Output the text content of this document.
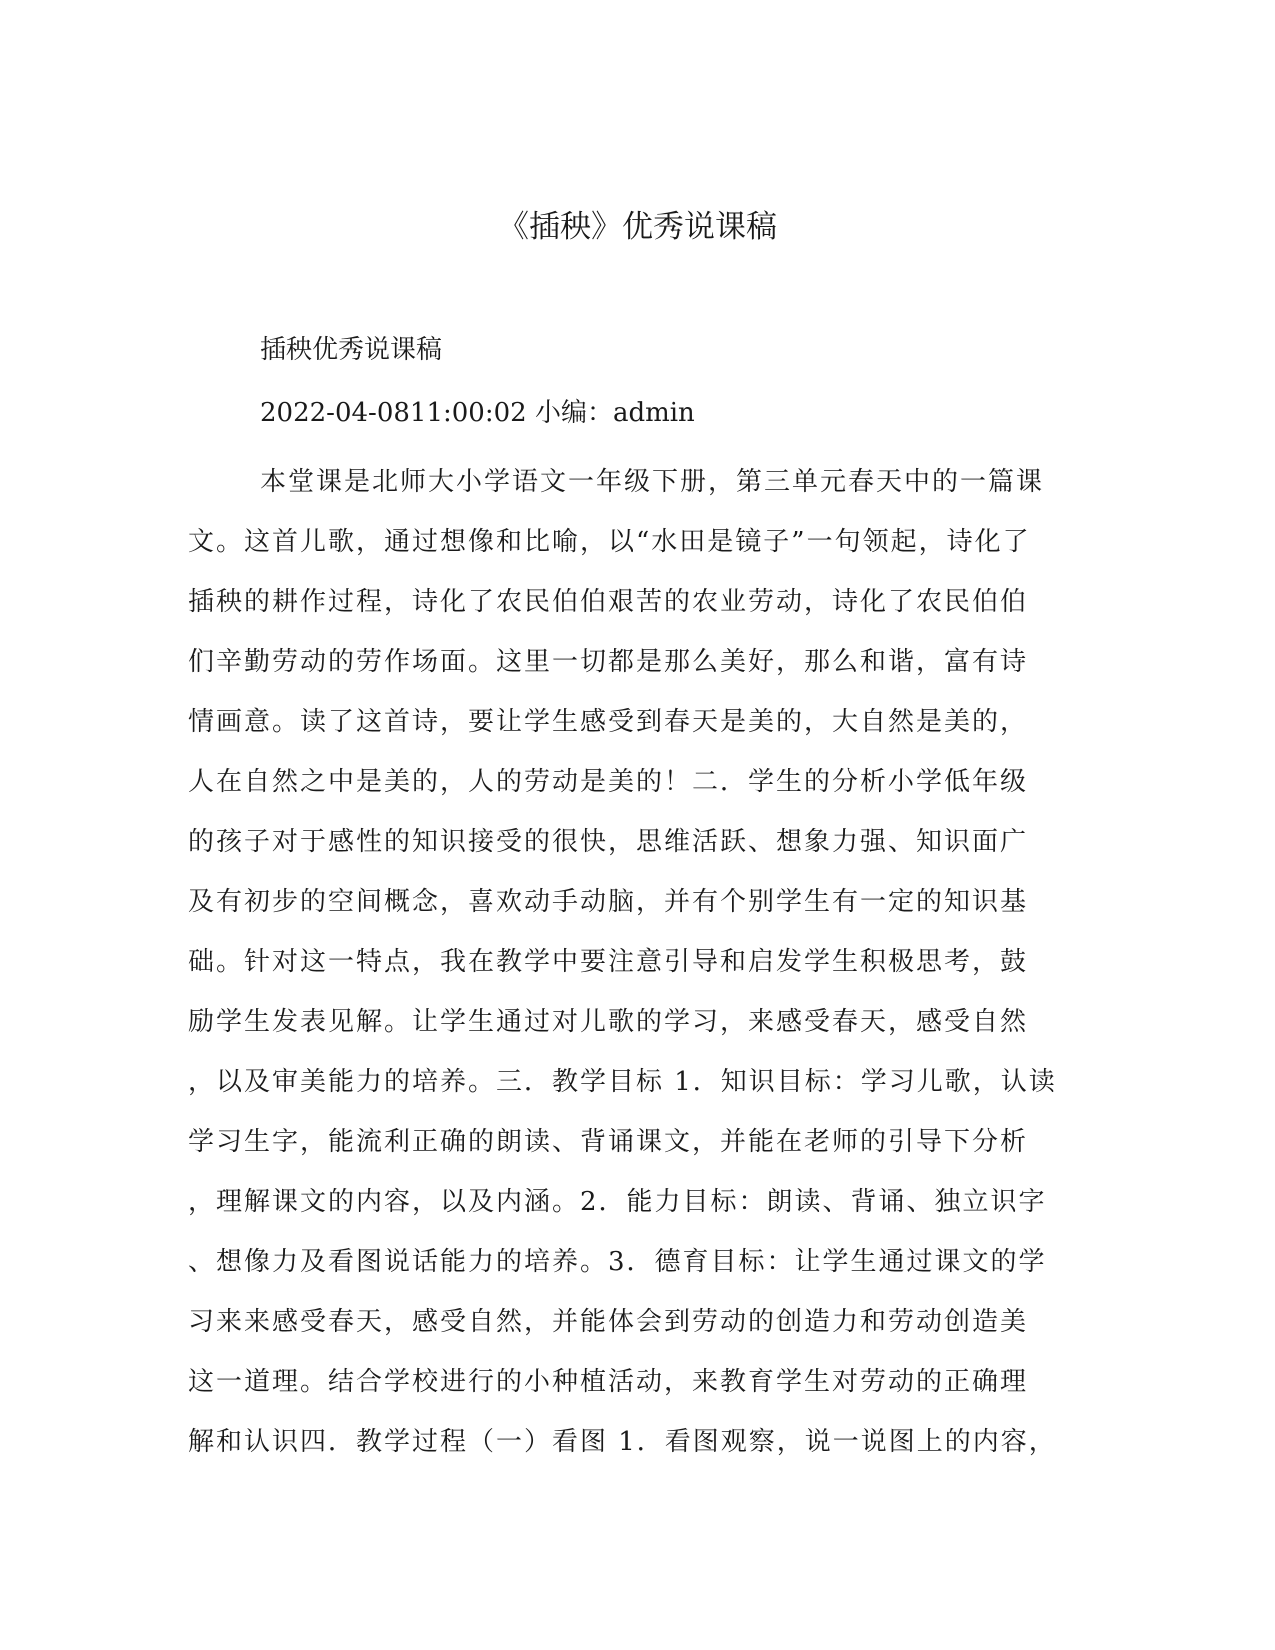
《插秧》优秀说课稿

插秧优秀说课稿

2022-04-0811:00:02 小编：admin

本堂课是北师大小学语文一年级下册，第三单元春天中的一篇课
文。这首儿歌，通过想像和比喻，以“水田是镜子”一句领起，诗化了
插秧的耕作过程，诗化了农民伯伯艰苦的农业劳动，诗化了农民伯伯
们辛勤劳动的劳作场面。这里一切都是那么美好，那么和谐，富有诗
情画意。读了这首诗，要让学生感受到春天是美的，大自然是美的，
人在自然之中是美的，人的劳动是美的！二．学生的分析小学低年级
的孩子对于感性的知识接受的很快，思维活跃、想象力强、知识面广
及有初步的空间概念，喜欢动手动脑，并有个别学生有一定的知识基
础。针对这一特点，我在教学中要注意引导和启发学生积极思考，鼓
励学生发表见解。让学生通过对儿歌的学习，来感受春天，感受自然
，以及审美能力的培养。三．教学目标 1．知识目标：学习儿歌，认读
学习生字，能流利正确的朗读、背诵课文，并能在老师的引导下分析
，理解课文的内容，以及内涵。2．能力目标：朗读、背诵、独立识字
、想像力及看图说话能力的培养。3．德育目标：让学生通过课文的学
习来来感受春天，感受自然，并能体会到劳动的创造力和劳动创造美
这一道理。结合学校进行的小种植活动，来教育学生对劳动的正确理
解和认识四．教学过程（一）看图 1．看图观察，说一说图上的内容，
